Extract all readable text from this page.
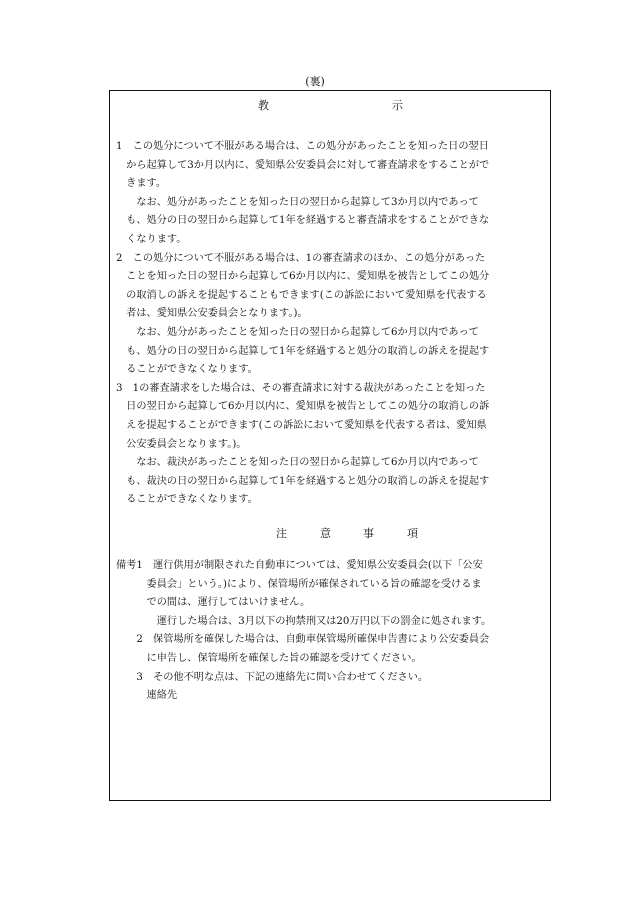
(裏)
教	示
1　この処分について不服がある場合は、この処分があったことを知った日の翌日
　から起算して3か月以内に、愛知県公安委員会に対して審査請求をすることがで
　きます。
　　なお、処分があったことを知った日の翌日から起算して3か月以内であって
　も、処分の日の翌日から起算して1年を経過すると審査請求をすることができな
　くなります。
2　この処分について不服がある場合は、1の審査請求のほか、この処分があった
　ことを知った日の翌日から起算して6か月以内に、愛知県を被告としてこの処分
　の取消しの訴えを提起することもできます(この訴訟において愛知県を代表する
　者は、愛知県公安委員会となります。)。
　　なお、処分があったことを知った日の翌日から起算して6か月以内であって
　も、処分の日の翌日から起算して1年を経過すると処分の取消しの訴えを提起す
　ることができなくなります。
3　1の審査請求をした場合は、その審査請求に対する裁決があったことを知った
　日の翌日から起算して6か月以内に、愛知県を被告としてこの処分の取消しの訴
　えを提起することができます(この訴訟において愛知県を代表する者は、愛知県
　公安委員会となります。)。
　　なお、裁決があったことを知った日の翌日から起算して6か月以内であって
　も、裁決の日の翌日から起算して1年を経過すると処分の取消しの訴えを提起す
　ることができなくなります。
注	意	事	項
備考1　運行供用が制限された自動車については、愛知県公安委員会(以下「公安
　　　委員会」という。)により、保管場所が確保されている旨の確認を受けるま
　　　での間は、運行してはいけません。
　　　　運行した場合は、3月以下の拘禁刑又は20万円以下の罰金に処されます。
　　2　保管場所を確保した場合は、自動車保管場所確保申告書により公安委員会
　　　に申告し、保管場所を確保した旨の確認を受けてください。
　　3　その他不明な点は、下記の連絡先に問い合わせてください。
　　　連絡先
